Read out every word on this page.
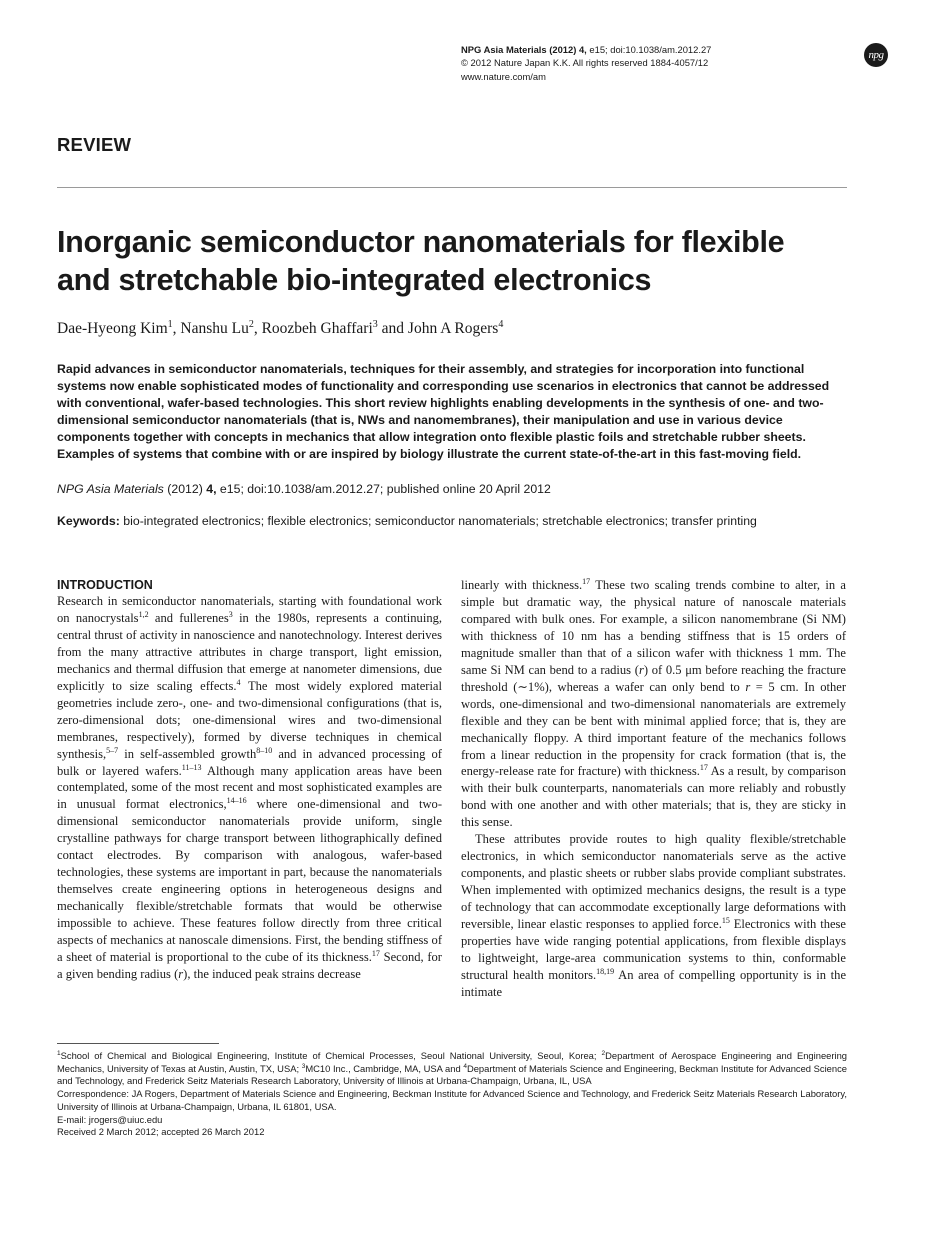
NPG Asia Materials (2012) 4, e15; doi:10.1038/am.2012.27
© 2012 Nature Japan K.K. All rights reserved 1884-4057/12
www.nature.com/am
npg
REVIEW
Inorganic semiconductor nanomaterials for flexible
and stretchable bio-integrated electronics
Dae-Hyeong Kim$^1$, Nanshu Lu$^2$, Roozbeh Ghaffari$^3$ and John A Rogers$^4$
Rapid advances in semiconductor nanomaterials, techniques for their assembly, and strategies for incorporation into functional systems now enable sophisticated modes of functionality and corresponding use scenarios in electronics that cannot be addressed with conventional, wafer-based technologies. This short review highlights enabling developments in the synthesis of one- and two-dimensional semiconductor nanomaterials (that is, NWs and nanomembranes), their manipulation and use in various device components together with concepts in mechanics that allow integration onto flexible plastic foils and stretchable rubber sheets. Examples of systems that combine with or are inspired by biology illustrate the current state-of-the-art in this fast-moving field.
NPG Asia Materials (2012) 4, e15; doi:10.1038/am.2012.27; published online 20 April 2012
Keywords: bio-integrated electronics; flexible electronics; semiconductor nanomaterials; stretchable electronics; transfer printing
INTRODUCTION

Research in semiconductor nanomaterials, starting with foundational work on nanocrystals$^{1,2}$ and fullerenes$^3$ in the 1980s, represents a continuing, central thrust of activity in nanoscience and nanotechnology. Interest derives from the many attractive attributes in charge transport, light emission, mechanics and thermal diffusion that emerge at nanometer dimensions, due explicitly to size scaling effects.$^4$ The most widely explored material geometries include zero-, one- and two-dimensional configurations (that is, zero-dimensional dots; one-dimensional wires and two-dimensional membranes, respectively), formed by diverse techniques in chemical synthesis,$^{5-7}$ in self-assembled growth$^{8-10}$ and in advanced processing of bulk or layered wafers.$^{11-13}$ Although many application areas have been contemplated, some of the most recent and most sophisticated examples are in unusual format electronics,$^{14-16}$ where one-dimensional and two-dimensional semiconductor nanomaterials provide uniform, single crystalline pathways for charge transport between lithographically defined contact electrodes. By comparison with analogous, wafer-based technologies, these systems are important in part, because the nanomaterials themselves create engineering options in heterogeneous designs and mechanically flexible/stretchable formats that would be otherwise impossible to achieve. These features follow directly from three critical aspects of mechanics at nanoscale dimensions. First, the bending stiffness of a sheet of material is proportional to the cube of its thickness.$^{17}$ Second, for a given bending radius (r), the induced peak strains decrease

linearly with thickness.$^{17}$ These two scaling trends combine to alter, in a simple but dramatic way, the physical nature of nanoscale materials compared with bulk ones. For example, a silicon nanomembrane (Si NM) with thickness of 10 nm has a bending stiffness that is 15 orders of magnitude smaller than that of a silicon wafer with thickness 1 mm. The same Si NM can bend to a radius (r) of 0.5 μm before reaching the fracture threshold (∼1%), whereas a wafer can only bend to r = 5 cm. In other words, one-dimensional and two-dimensional nanomaterials are extremely flexible and they can be bent with minimal applied force; that is, they are mechanically floppy. A third important feature of the mechanics follows from a linear reduction in the propensity for crack formation (that is, the energy-release rate for fracture) with thickness.$^{17}$ As a result, by comparison with their bulk counterparts, nanomaterials can more reliably and robustly bond with one another and with other materials; that is, they are sticky in this sense.

These attributes provide routes to high quality flexible/stretchable electronics, in which semiconductor nanomaterials serve as the active components, and plastic sheets or rubber slabs provide compliant substrates. When implemented with optimized mechanics designs, the result is a type of technology that can accommodate exceptionally large deformations with reversible, linear elastic responses to applied force.$^{15}$ Electronics with these properties have wide ranging potential applications, from flexible displays to lightweight, large-area communication systems to thin, conformable structural health monitors.$^{18,19}$ An area of compelling opportunity is in the intimate

$^1$School of Chemical and Biological Engineering, Institute of Chemical Processes, Seoul National University, Seoul, Korea; $^2$Department of Aerospace Engineering and Engineering Mechanics, University of Texas at Austin, Austin, TX, USA; $^3$MC10 Inc., Cambridge, MA, USA and $^4$Department of Materials Science and Engineering, Beckman Institute for Advanced Science and Technology, and Frederick Seitz Materials Research Laboratory, University of Illinois at Urbana-Champaign, Urbana, IL, USA
Correspondence: JA Rogers, Department of Materials Science and Engineering, Beckman Institute for Advanced Science and Technology, and Frederick Seitz Materials Research Laboratory, University of Illinois at Urbana-Champaign, Urbana, IL 61801, USA.
E-mail: jrogers@uiuc.edu
Received 2 March 2012; accepted 26 March 2012
